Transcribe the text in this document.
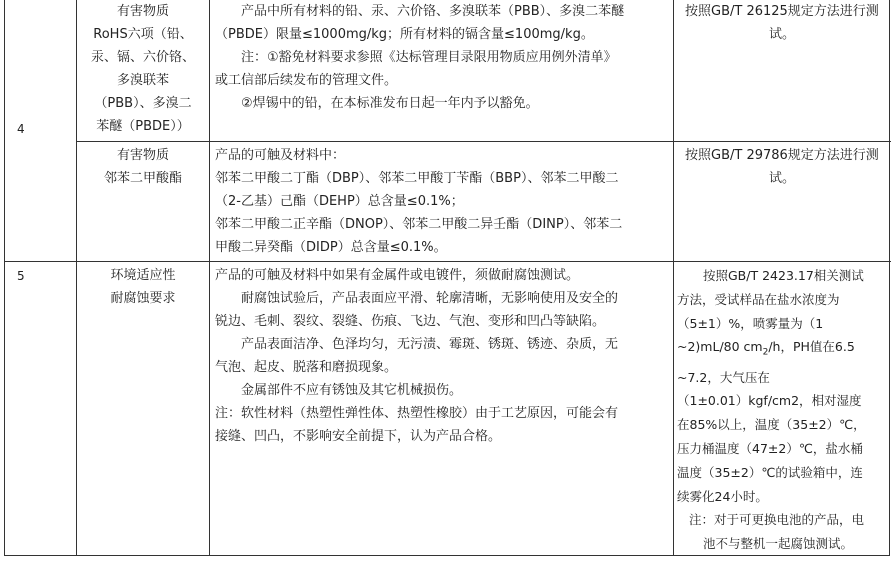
4
有害物质
RoHS六项（铅、
汞、镉、六价铬、
多溴联苯
（PBB）、多溴二
苯醚（PBDE））
产品中所有材料的铅、汞、六价铬、多溴联苯（PBB）、多溴二苯醚
（PBDE）限量≤1000mg/kg；所有材料的镉含量≤100mg/kg。
注：①豁免材料要求参照《达标管理目录限用物质应用例外清单》
或工信部后续发布的管理文件。
②焊锡中的铅，在本标准发布日起一年内予以豁免。
按照GB/T 26125规定方法进行测
试。
有害物质
邻苯二甲酸酯
产品的可触及材料中：
邻苯二甲酸二丁酯（DBP）、邻苯二甲酸丁苄酯（BBP）、邻苯二甲酸二
（2-乙基）己酯（DEHP）总含量≤0.1%；
邻苯二甲酸二正辛酯（DNOP）、邻苯二甲酸二异壬酯（DINP）、邻苯二
甲酸二异癸酯（DIDP）总含量≤0.1%。
按照GB/T 29786规定方法进行测
试。
5	环境适应性
耐腐蚀要求
产品的可触及材料中如果有金属件或电镀件，须做耐腐蚀测试。
耐腐蚀试验后，产品表面应平滑、轮廓清晰，无影响使用及安全的
锐边、毛刺、裂纹、裂缝、伤痕、飞边、气泡、变形和凹凸等缺陷。
产品表面洁净、色泽均匀，无污渍、霉斑、锈斑、锈迹、杂质，无
气泡、起皮、脱落和磨损现象。
金属部件不应有锈蚀及其它机械损伤。
注：软性材料（热塑性弹性体、热塑性橡胶）由于工艺原因，可能会有
接缝、凹凸，不影响安全前提下，认为产品合格。
按照GB/T 2423.17相关测试
方法，受试样品在盐水浓度为
（5±1）%，喷雾量为（1
~2)mL/80 $cm_2/h$，PH值在6.5
~7.2，大气压在
（1±0.01）kgf/cm2，相对湿度
在85%以上，温度（35±2）℃，
压力桶温度（47±2）℃，盐水桶
温度（35±2）℃的试验箱中，连
续雾化24小时。
注：对于可更换电池的产品，电
池不与整机一起腐蚀测试。
